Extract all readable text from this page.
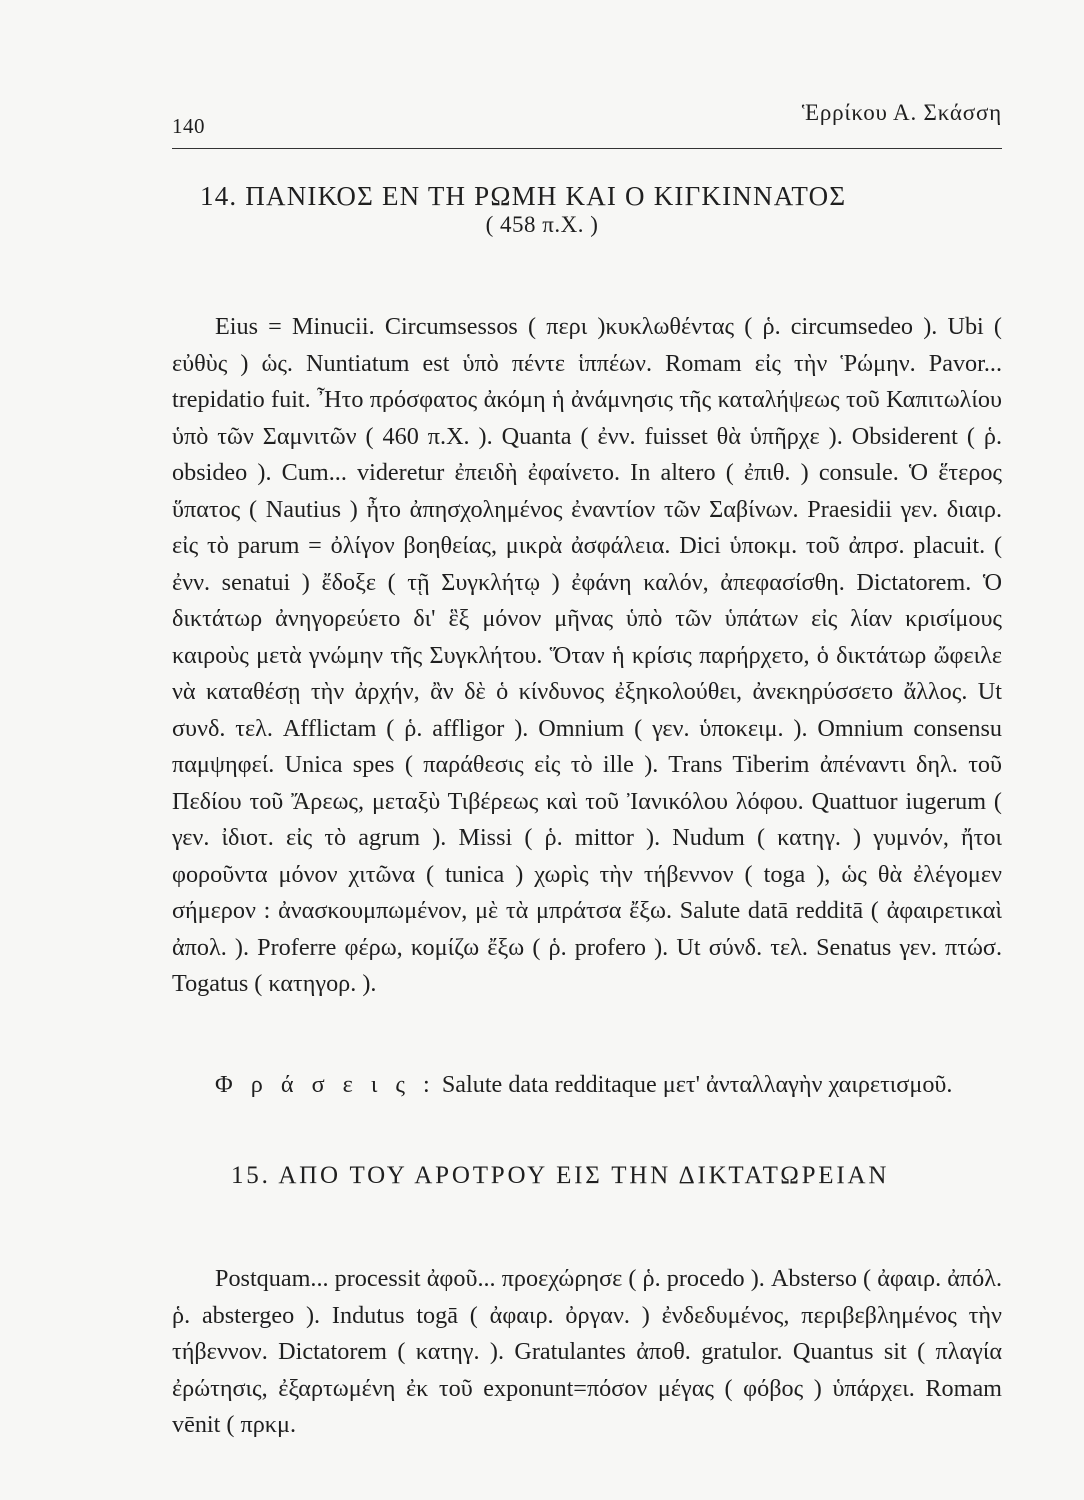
140
Ἑρρίκου Α. Σκάσση
14. ΠΑΝΙΚΟΣ ΕΝ ΤΗ ΡΩΜΗ ΚΑΙ Ο ΚΙΓΚΙΝΝΑΤΟΣ
( 458 π.Χ. )

Eius = Minucii. Circumsessos ( περι )κυκλωθέντας ( ῥ. circumsedeo ). Ubi ( εὐθὺς ) ὡς. Nuntiatum est ὑπὸ πέντε ἱππέων. Romam εἰς τὴν Ῥώμην. Pavor... trepidatio fuit. Ἦτο πρόσφατος ἀκόμη ἡ ἀνάμνησις τῆς καταλήψεως τοῦ Καπιτωλίου ὑπὸ τῶν Σαμνιτῶν ( 460 π.Χ. ). Quanta ( ἐνν. fuisset θὰ ὑπῆρχε ). Obsiderent ( ῥ. obsideo ). Cum... videretur ἐπειδὴ ἐφαίνετο. In altero ( ἐπιθ. ) consule. Ὁ ἕτερος ὕπατος ( Nautius ) ἦτο ἀπησχολημένος ἐναντίον τῶν Σαβίνων. Praesidii γεν. διαιρ. εἰς τὸ parum = ὀλίγον βοηθείας, μικρὰ ἀσφάλεια. Dici ὑποκμ. τοῦ ἀπρσ. placuit. ( ἐνν. senatui ) ἔδοξε ( τῇ Συγκλήτῳ ) ἐφάνη καλόν, ἀπεφασίσθη. Dictatorem. Ὁ δικτάτωρ ἀνηγορεύετο δι' ἓξ μόνον μῆνας ὑπὸ τῶν ὑπάτων εἰς λίαν κρισίμους καιροὺς μετὰ γνώμην τῆς Συγκλήτου. Ὅταν ἡ κρίσις παρήρχετο, ὁ δικτάτωρ ὤφειλε νὰ καταθέσῃ τὴν ἀρχήν, ἂν δὲ ὁ κίνδυνος ἐξηκολούθει, ἀνεκηρύσσετο ἄλλος. Ut συνδ. τελ. Afflictam ( ῥ. affligor ). Omnium ( γεν. ὑποκειμ. ). Omnium consensu παμψηφεί. Unica spes ( παράθεσις εἰς τὸ ille ). Trans Tiberim ἀπέναντι δηλ. τοῦ Πεδίου τοῦ Ἄρεως, μεταξὺ Τιβέρεως καὶ τοῦ Ἰανικόλου λόφου. Quattuor iugerum ( γεν. ἰδιοτ. εἰς τὸ agrum ). Missi ( ῥ. mittor ). Nudum ( κατηγ. ) γυμνόν, ἤτοι φοροῦντα μόνον χιτῶνα ( tunica ) χωρὶς τὴν τήβεννον ( toga ), ὡς θὰ ἐλέγομεν σήμερον : ἀνασκουμπωμένον, μὲ τὰ μπράτσα ἔξω. Salute datā redditā ( ἀφαιρετικαὶ ἀπολ. ). Proferre φέρω, κομίζω ἔξω ( ῥ. profero ). Ut σύνδ. τελ. Senatus γεν. πτώσ. Togatus ( κατηγορ. ).

Φ ρ ά σ ε ι ς : Salute data redditaque μετ' ἀνταλλαγὴν χαιρετισμοῦ.

15. ΑΠΟ ΤΟΥ ΑΡΟΤΡΟΥ ΕΙΣ ΤΗΝ ΔΙΚΤΑΤΩΡΕΙΑΝ

Postquam... processit ἀφοῦ... προεχώρησε ( ῥ. procedo ). Absterso ( ἀφαιρ. ἀπόλ. ῥ. abstergeo ). Indutus togā ( ἀφαιρ. ὀργαν. ) ἐνδεδυμένος, περιβεβλημένος τὴν τήβεννον. Dictatorem ( κατηγ. ). Gratulantes ἀποθ. gratulor. Quantus sit ( πλαγία ἐρώτησις, ἐξαρτωμένη ἐκ τοῦ exponunt=πόσον μέγας ( φόβος ) ὑπάρχει. Romam vēnit ( πρκμ.
